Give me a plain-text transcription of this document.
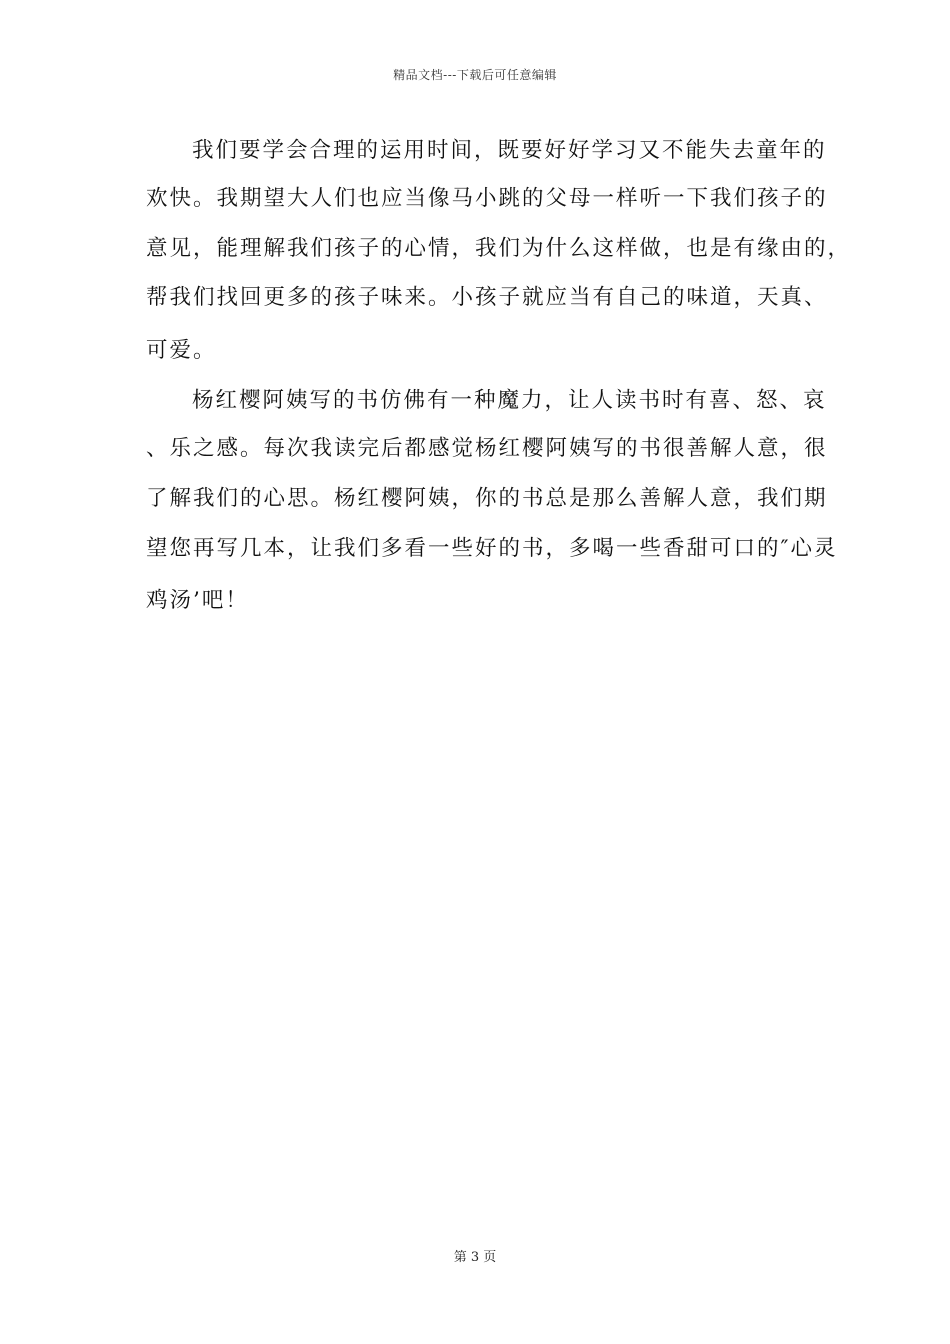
精品文档---下载后可任意编辑
我们要学会合理的运用时间，既要好好学习又不能失去童年的
欢快。我期望大人们也应当像马小跳的父母一样听一下我们孩子的
意见，能理解我们孩子的心情，我们为什么这样做，也是有缘由的，
帮我们找回更多的孩子味来。小孩子就应当有自己的味道，天真、
可爱。
杨红樱阿姨写的书仿佛有一种魔力，让人读书时有喜、怒、哀
、乐之感。每次我读完后都感觉杨红樱阿姨写的书很善解人意，很
了解我们的心思。杨红樱阿姨，你的书总是那么善解人意，我们期
望您再写几本，让我们多看一些好的书，多喝一些香甜可口的″心灵
鸡汤’吧！
第 3 页
